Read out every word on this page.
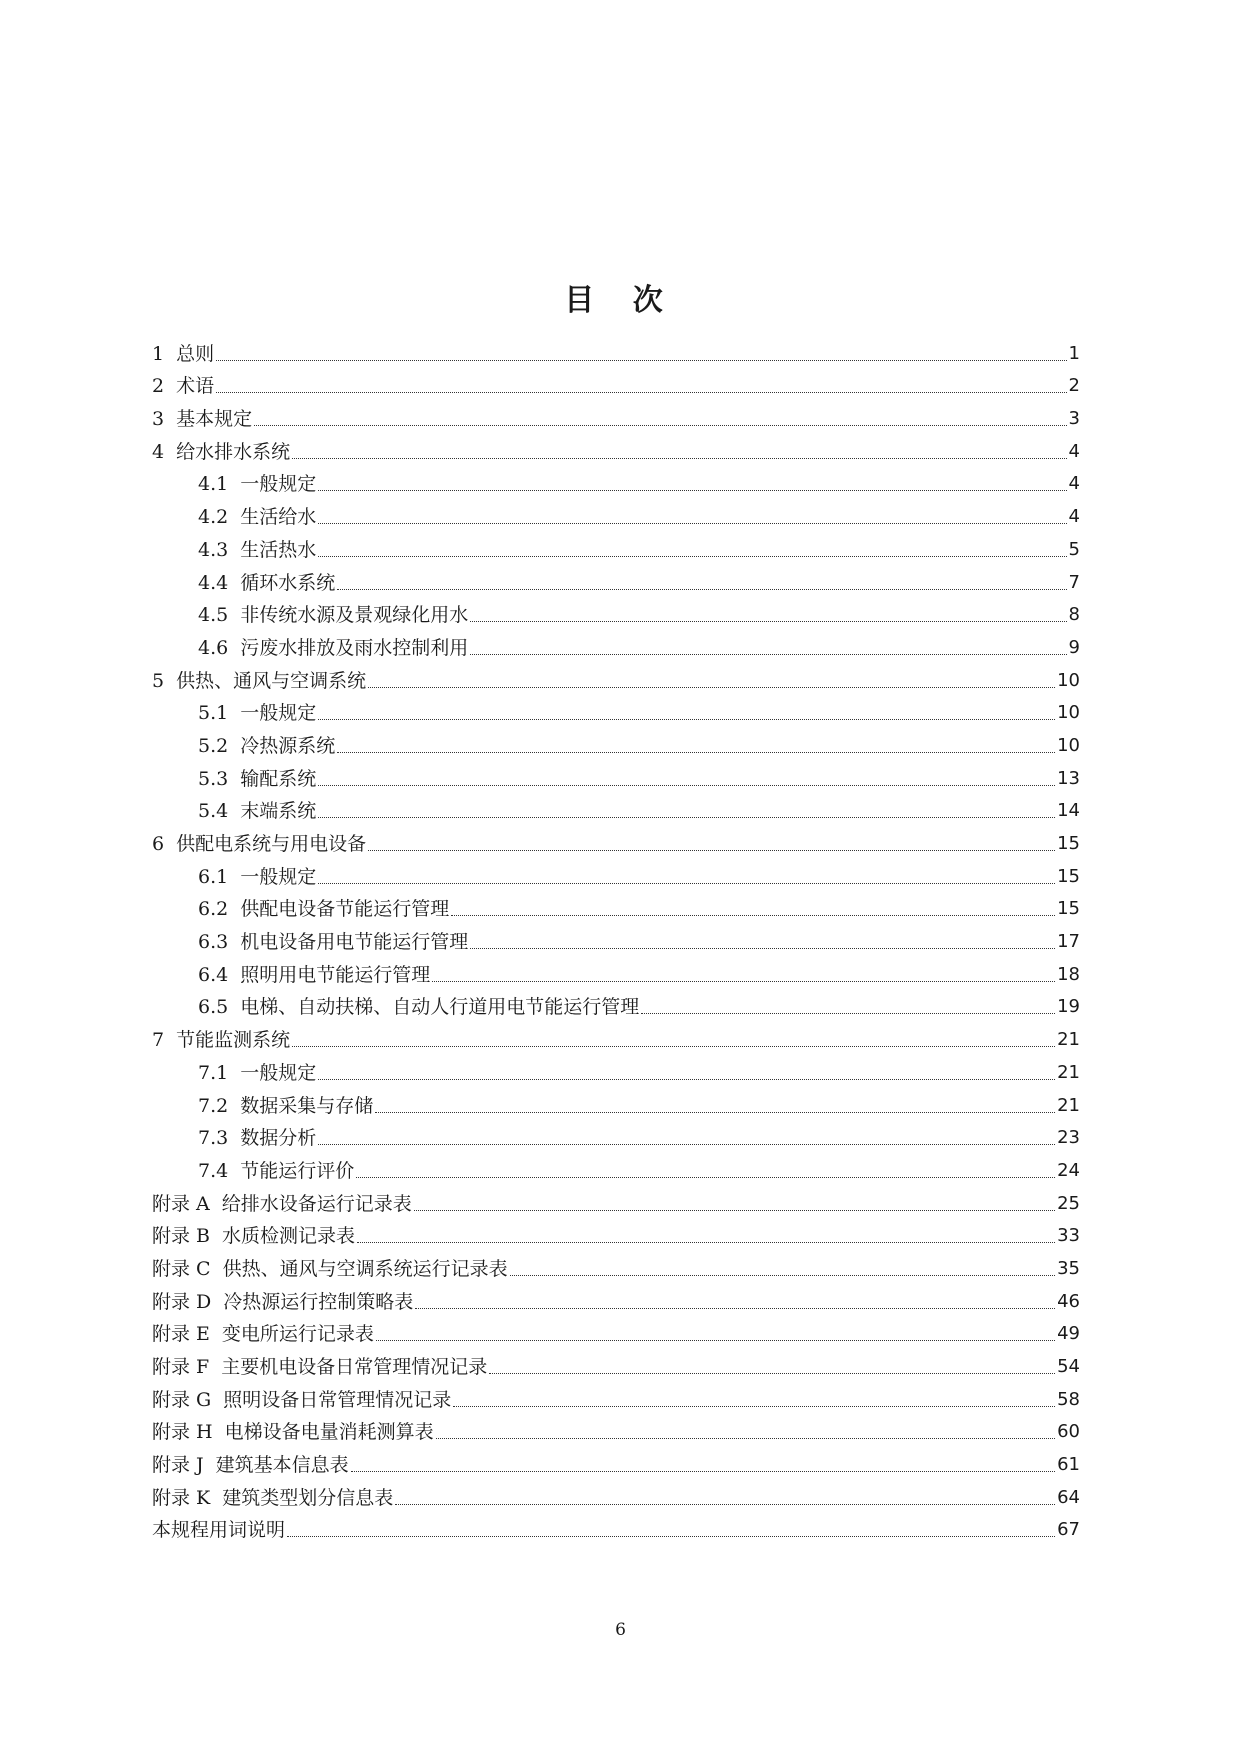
目 次
1 总则	1
2 术语	2
3 基本规定	3
4 给水排水系统	4
4.1 一般规定	4
4.2 生活给水	4
4.3 生活热水	5
4.4 循环水系统	7
4.5 非传统水源及景观绿化用水	8
4.6 污废水排放及雨水控制利用	9
5 供热、通风与空调系统	10
5.1 一般规定	10
5.2 冷热源系统	10
5.3 输配系统	13
5.4 末端系统	14
6 供配电系统与用电设备	15
6.1 一般规定	15
6.2 供配电设备节能运行管理	15
6.3 机电设备用电节能运行管理	17
6.4 照明用电节能运行管理	18
6.5 电梯、自动扶梯、自动人行道用电节能运行管理	19
7 节能监测系统	21
7.1 一般规定	21
7.2 数据采集与存储	21
7.3 数据分析	23
7.4 节能运行评价	24
附录 A 给排水设备运行记录表	25
附录 B 水质检测记录表	33
附录 C 供热、通风与空调系统运行记录表	35
附录 D 冷热源运行控制策略表	46
附录 E 变电所运行记录表	49
附录 F 主要机电设备日常管理情况记录	54
附录 G 照明设备日常管理情况记录	58
附录 H 电梯设备电量消耗测算表	60
附录 J 建筑基本信息表	61
附录 K 建筑类型划分信息表	64
本规程用词说明	67
6
